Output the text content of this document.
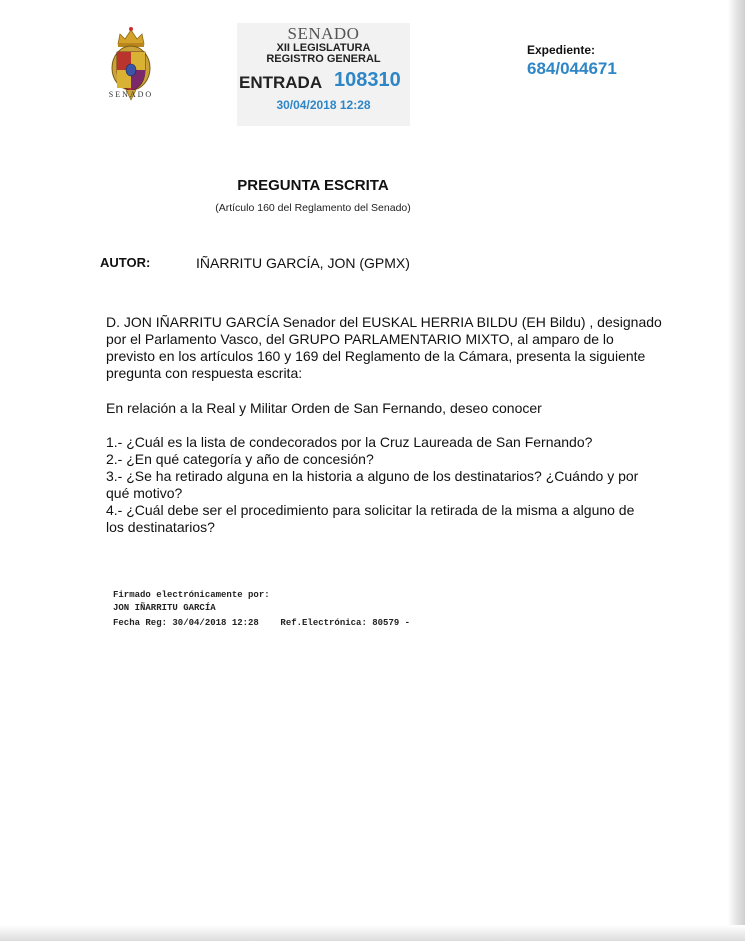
SENADO
SENADO
XII LEGISLATURA
REGISTRO GENERAL
ENTRADA 108310
30/04/2018 12:28
Expediente:
684/044671
PREGUNTA ESCRITA
(Artículo 160 del Reglamento del Senado)
AUTOR:	IÑARRITU GARCÍA, JON (GPMX)

D. JON IÑARRITU GARCÍA Senador del EUSKAL HERRIA BILDU (EH Bildu) , designado por el Parlamento Vasco, del GRUPO PARLAMENTARIO MIXTO, al amparo de lo previsto en los artículos 160 y 169 del Reglamento de la Cámara, presenta la siguiente pregunta con respuesta escrita:

En relación a la Real y Militar Orden de San Fernando, deseo conocer

1.- ¿Cuál es la lista de condecorados por la Cruz Laureada de San Fernando?
2.- ¿En qué categoría y año de concesión?
3.- ¿Se ha retirado alguna en la historia a alguno de los destinatarios? ¿Cuándo y por qué motivo?
4.- ¿Cuál debe ser el procedimiento para solicitar la retirada de la misma a alguno de los destinatarios?
Firmado electrónicamente por:
JON IÑARRITU GARCÍA
Fecha Reg: 30/04/2018 12:28    Ref.Electrónica: 80579 -
